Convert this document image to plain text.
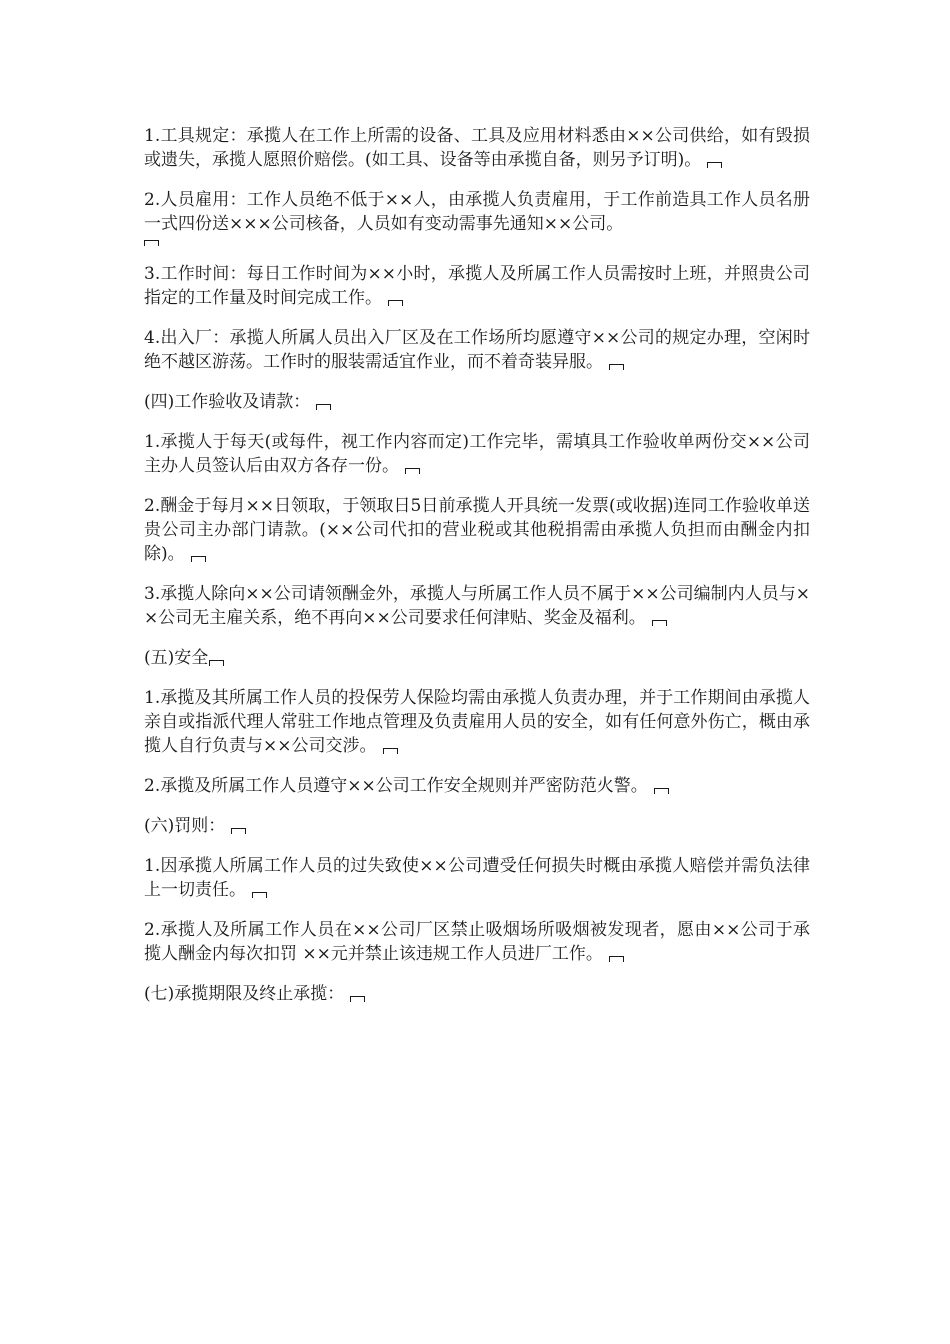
1.工具规定：承揽人在工作上所需的设备、工具及应用材料悉由××公司供给，如有毁损或遗失，承揽人愿照价赔偿。(如工具、设备等由承揽自备，则另予订明)。

2.人员雇用：工作人员绝不低于××人，由承揽人负责雇用，于工作前造具工作人员名册一式四份送×××公司核备，人员如有变动需事先通知××公司。

3.工作时间：每日工作时间为××小时，承揽人及所属工作人员需按时上班，并照贵公司指定的工作量及时间完成工作。

4.出入厂：承揽人所属人员出入厂区及在工作场所均愿遵守××公司的规定办理，空闲时绝不越区游荡。工作时的服装需适宜作业，而不着奇装异服。

(四)工作验收及请款：

1.承揽人于每天(或每件，视工作内容而定)工作完毕，需填具工作验收单两份交××公司主办人员签认后由双方各存一份。

2.酬金于每月××日领取，于领取日5日前承揽人开具统一发票(或收据)连同工作验收单送贵公司主办部门请款。(××公司代扣的营业税或其他税捐需由承揽人负担而由酬金内扣除)。

3.承揽人除向××公司请领酬金外，承揽人与所属工作人员不属于××公司编制内人员与××公司无主雇关系，绝不再向××公司要求任何津贴、奖金及福利。

(五)安全

1.承揽及其所属工作人员的投保劳人保险均需由承揽人负责办理，并于工作期间由承揽人亲自或指派代理人常驻工作地点管理及负责雇用人员的安全，如有任何意外伤亡，概由承揽人自行负责与××公司交涉。

2.承揽及所属工作人员遵守××公司工作安全规则并严密防范火警。

(六)罚则：

1.因承揽人所属工作人员的过失致使××公司遭受任何损失时概由承揽人赔偿并需负法律上一切责任。

2.承揽人及所属工作人员在××公司厂区禁止吸烟场所吸烟被发现者，愿由××公司于承揽人酬金内每次扣罚 ××元并禁止该违规工作人员进厂工作。

(七)承揽期限及终止承揽：
